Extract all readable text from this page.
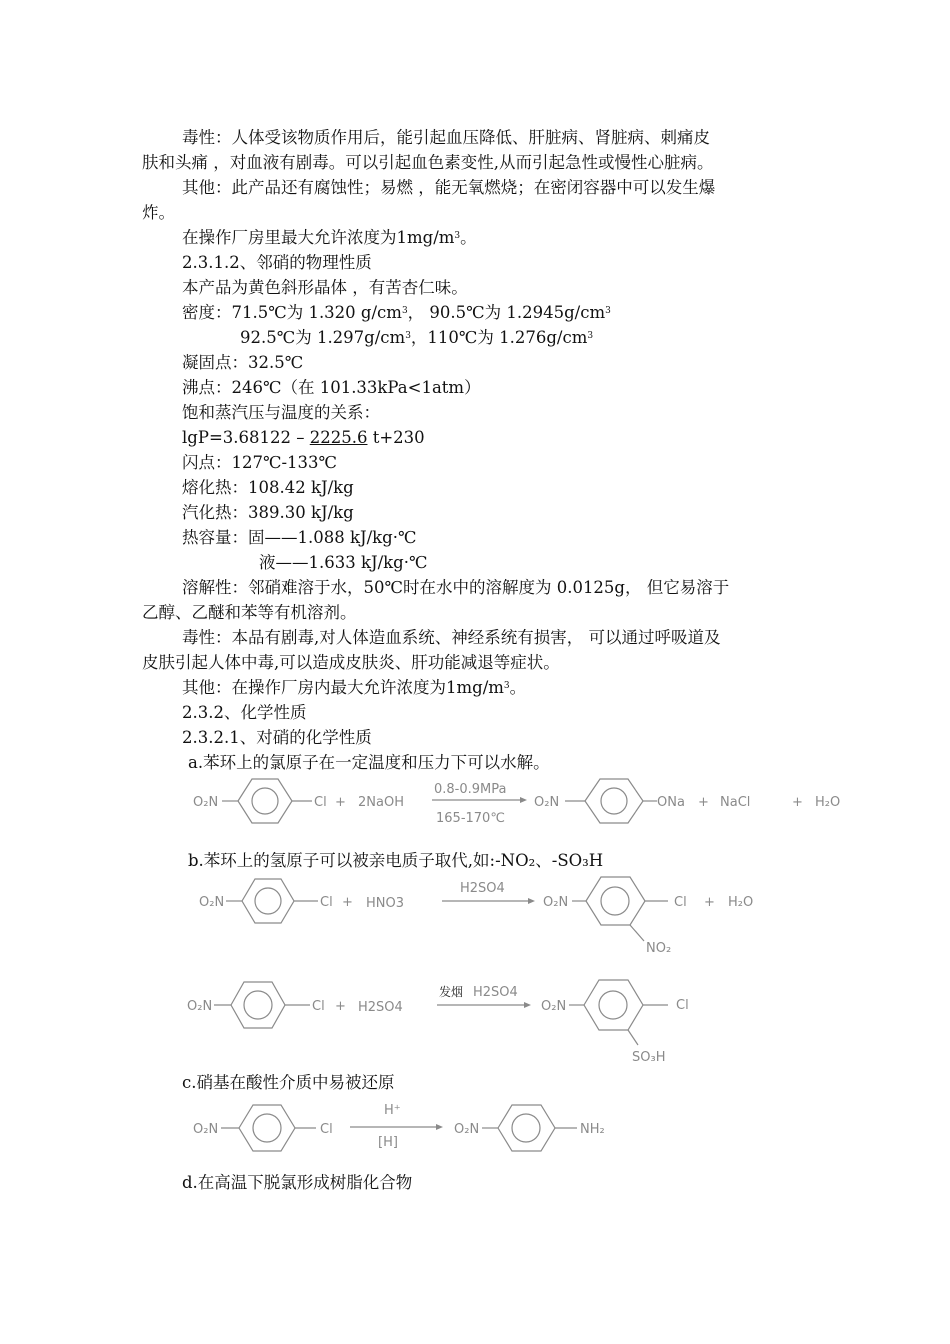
毒性：人体受该物质作用后，能引起血压降低、肝脏病、肾脏病、刺痛皮
肤和头痛 ，对血液有剧毒。可以引起血色素变性,从而引起急性或慢性心脏病。
其他：此产品还有腐蚀性；易燃 ，能无氧燃烧；在密闭容器中可以发生爆
炸。
在操作厂房里最大允许浓度为$1mg/m^3$。
2.3.1.2、邻硝的物理性质
本产品为黄色斜形晶体 ，有苦杏仁味。
密度：71.5℃为 1.320 $g/cm^3$， 90.5℃为 $1.2945g/cm^3$
92.5℃为 $1.297g/cm^3$，110℃为 $1.276g/cm^3$
凝固点：32.5℃
沸点：246℃（在 101.33kPa<1atm）
饱和蒸汽压与温度的关系：
lgP=3.68122 – 2225.6 t+230
闪点：127℃-133℃
熔化热：108.42 kJ/kg
汽化热：389.30 kJ/kg
热容量：固——1.088 kJ/kg·℃
液——1.633 kJ/kg·℃
溶解性：邻硝难溶于水，50℃时在水中的溶解度为 0.0125g， 但它易溶于
乙醇、乙醚和苯等有机溶剂。
毒性：本品有剧毒,对人体造血系统、神经系统有损害， 可以通过呼吸道及
皮肤引起人体中毒,可以造成皮肤炎、肝功能减退等症状。
其他：在操作厂房内最大允许浓度为$1mg/m^3$。
2.3.2、化学性质
2.3.2.1、对硝的化学性质
a.苯环上的氯原子在一定温度和压力下可以水解。
O₂N	Cl + 2NaOH
0.8-0.9MPa
165-170℃
O₂N	ONa + NaCl	+ H₂O
b.苯环上的氢原子可以被亲电质子取代,如:-NO₂、-SO₃H
O₂N	Cl + HNO3
H2SO4
O₂N	Cl + H₂O
NO₂
O₂N	Cl + H2SO4
发烟 H2SO4
O₂N	Cl
SO₃H
c.硝基在酸性介质中易被还原
O₂N	Cl
H⁺
[H]
O₂N	NH₂
d.在高温下脱氯形成树脂化合物
